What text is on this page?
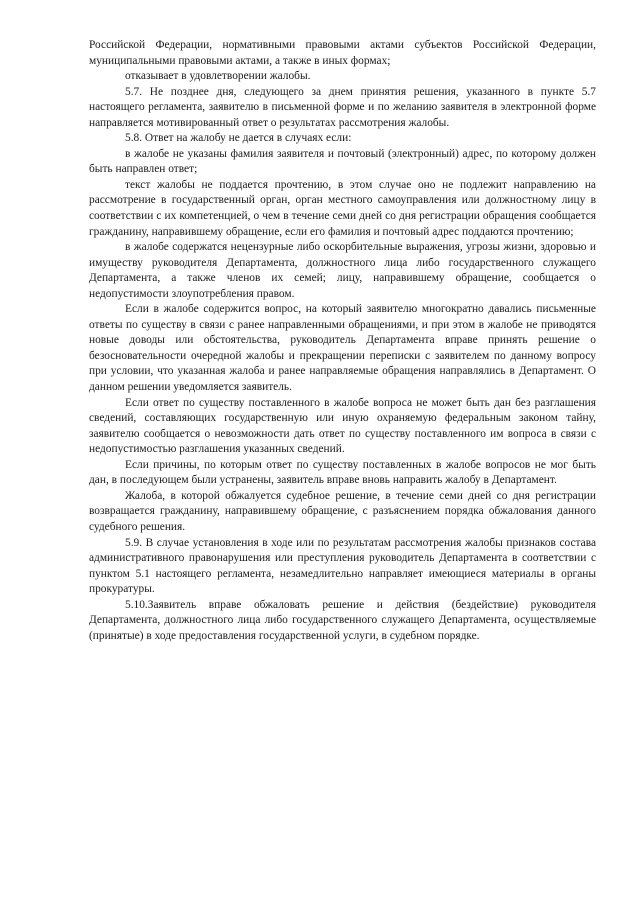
Российской Федерации, нормативными правовыми актами субъектов Российской Федерации, муниципальными правовыми актами, а также в иных формах;

отказывает в удовлетворении жалобы.

5.7. Не позднее дня, следующего за днем принятия решения, указанного в пункте 5.7 настоящего регламента, заявителю в письменной форме и по желанию заявителя в электронной форме направляется мотивированный ответ о результатах рассмотрения жалобы.

5.8. Ответ на жалобу не дается в случаях если:

в жалобе не указаны фамилия заявителя и почтовый (электронный) адрес, по которому должен быть направлен ответ;

текст жалобы не поддается прочтению, в этом случае оно не подлежит направлению на рассмотрение в государственный орган, орган местного самоуправления или должностному лицу в соответствии с их компетенцией, о чем в течение семи дней со дня регистрации обращения сообщается гражданину, направившему обращение, если его фамилия и почтовый адрес поддаются прочтению;

в жалобе содержатся нецензурные либо оскорбительные выражения, угрозы жизни, здоровью и имуществу руководителя Департамента, должностного лица либо государственного служащего Департамента, а также членов их семей; лицу, направившему обращение, сообщается о недопустимости злоупотребления правом.

Если в жалобе содержится вопрос, на который заявителю многократно давались письменные ответы по существу в связи с ранее направленными обращениями, и при этом в жалобе не приводятся новые доводы или обстоятельства, руководитель Департамента вправе принять решение о безосновательности очередной жалобы и прекращении переписки с заявителем по данному вопросу при условии, что указанная жалоба и ранее направляемые обращения направлялись в Департамент. О данном решении уведомляется заявитель.

Если ответ по существу поставленного в жалобе вопроса не может быть дан без разглашения сведений, составляющих государственную или иную охраняемую федеральным законом тайну, заявителю сообщается о невозможности дать ответ по существу поставленного им вопроса в связи с недопустимостью разглашения указанных сведений.

Если причины, по которым ответ по существу поставленных в жалобе вопросов не мог быть дан, в последующем были устранены, заявитель вправе вновь направить жалобу в Департамент.

Жалоба, в которой обжалуется судебное решение, в течение семи дней со дня регистрации возвращается гражданину, направившему обращение, с разъяснением порядка обжалования данного судебного решения.

5.9. В случае установления в ходе или по результатам рассмотрения жалобы признаков состава административного правонарушения или преступления руководитель Департамента в соответствии с пунктом 5.1 настоящего регламента, незамедлительно направляет имеющиеся материалы в органы прокуратуры.

5.10.Заявитель вправе обжаловать решение и действия (бездействие) руководителя Департамента, должностного лица либо государственного служащего Департамента, осуществляемые (принятые) в ходе предоставления государственной услуги, в судебном порядке.
